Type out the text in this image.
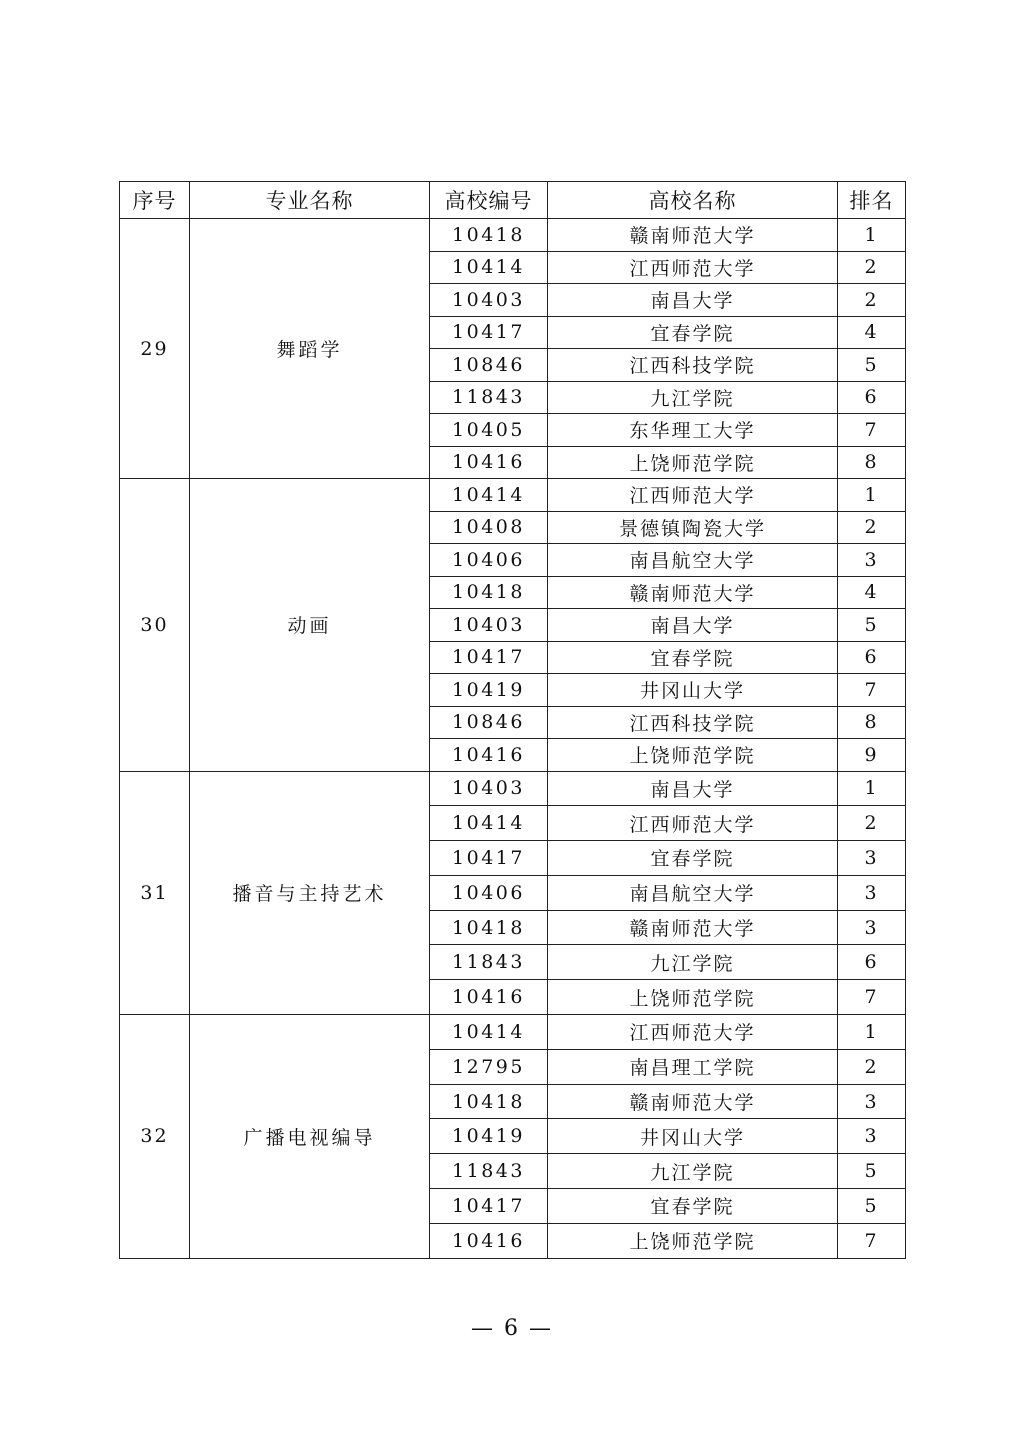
序号	专业名称	高校编号	高校名称	排名
29	舞蹈学	10418	赣南师范大学	1
		10414	江西师范大学	2
		10403	南昌大学	2
		10417	宜春学院	4
		10846	江西科技学院	5
		11843	九江学院	6
		10405	东华理工大学	7
		10416	上饶师范学院	8
30	动画	10414	江西师范大学	1
		10408	景德镇陶瓷大学	2
		10406	南昌航空大学	3
		10418	赣南师范大学	4
		10403	南昌大学	5
		10417	宜春学院	6
		10419	井冈山大学	7
		10846	江西科技学院	8
		10416	上饶师范学院	9
31	播音与主持艺术	10403	南昌大学	1
		10414	江西师范大学	2
		10417	宜春学院	3
		10406	南昌航空大学	3
		10418	赣南师范大学	3
		11843	九江学院	6
		10416	上饶师范学院	7
32	广播电视编导	10414	江西师范大学	1
		12795	南昌理工学院	2
		10418	赣南师范大学	3
		10419	井冈山大学	3
		11843	九江学院	5
		10417	宜春学院	5
		10416	上饶师范学院	7
— 6 —
